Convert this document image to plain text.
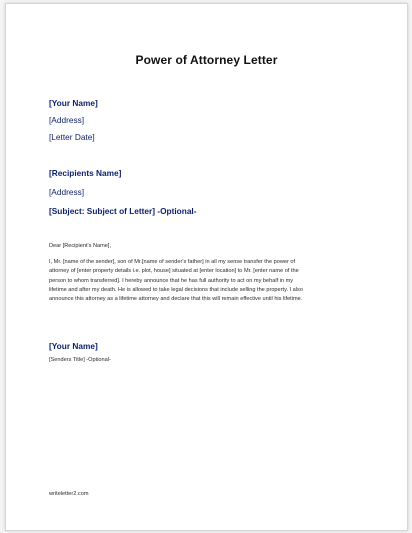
Power of Attorney Letter
[Your Name]
[Address]
[Letter Date]
[Recipients Name]
[Address]
[Subject: Subject of Letter] -Optional-
Dear [Recipient's Name],
I, Mr. [name of the sender], son of Mr.[name of sender's father] in all my sense transfer the power of
attorney of [enter property details i.e. plot, house] situated at [enter location] to Mr. [enter name of the
person to whom transferred]. I hereby announce that he has full authority to act on my behalf in my
lifetime and after my death. He is allowed to take legal decisions that include selling the property. I also
announce this attorney as a lifetime attorney and declare that this will remain effective until his lifetime.
[Your Name]
[Senders Title] -Optional-
writeletter2.com
